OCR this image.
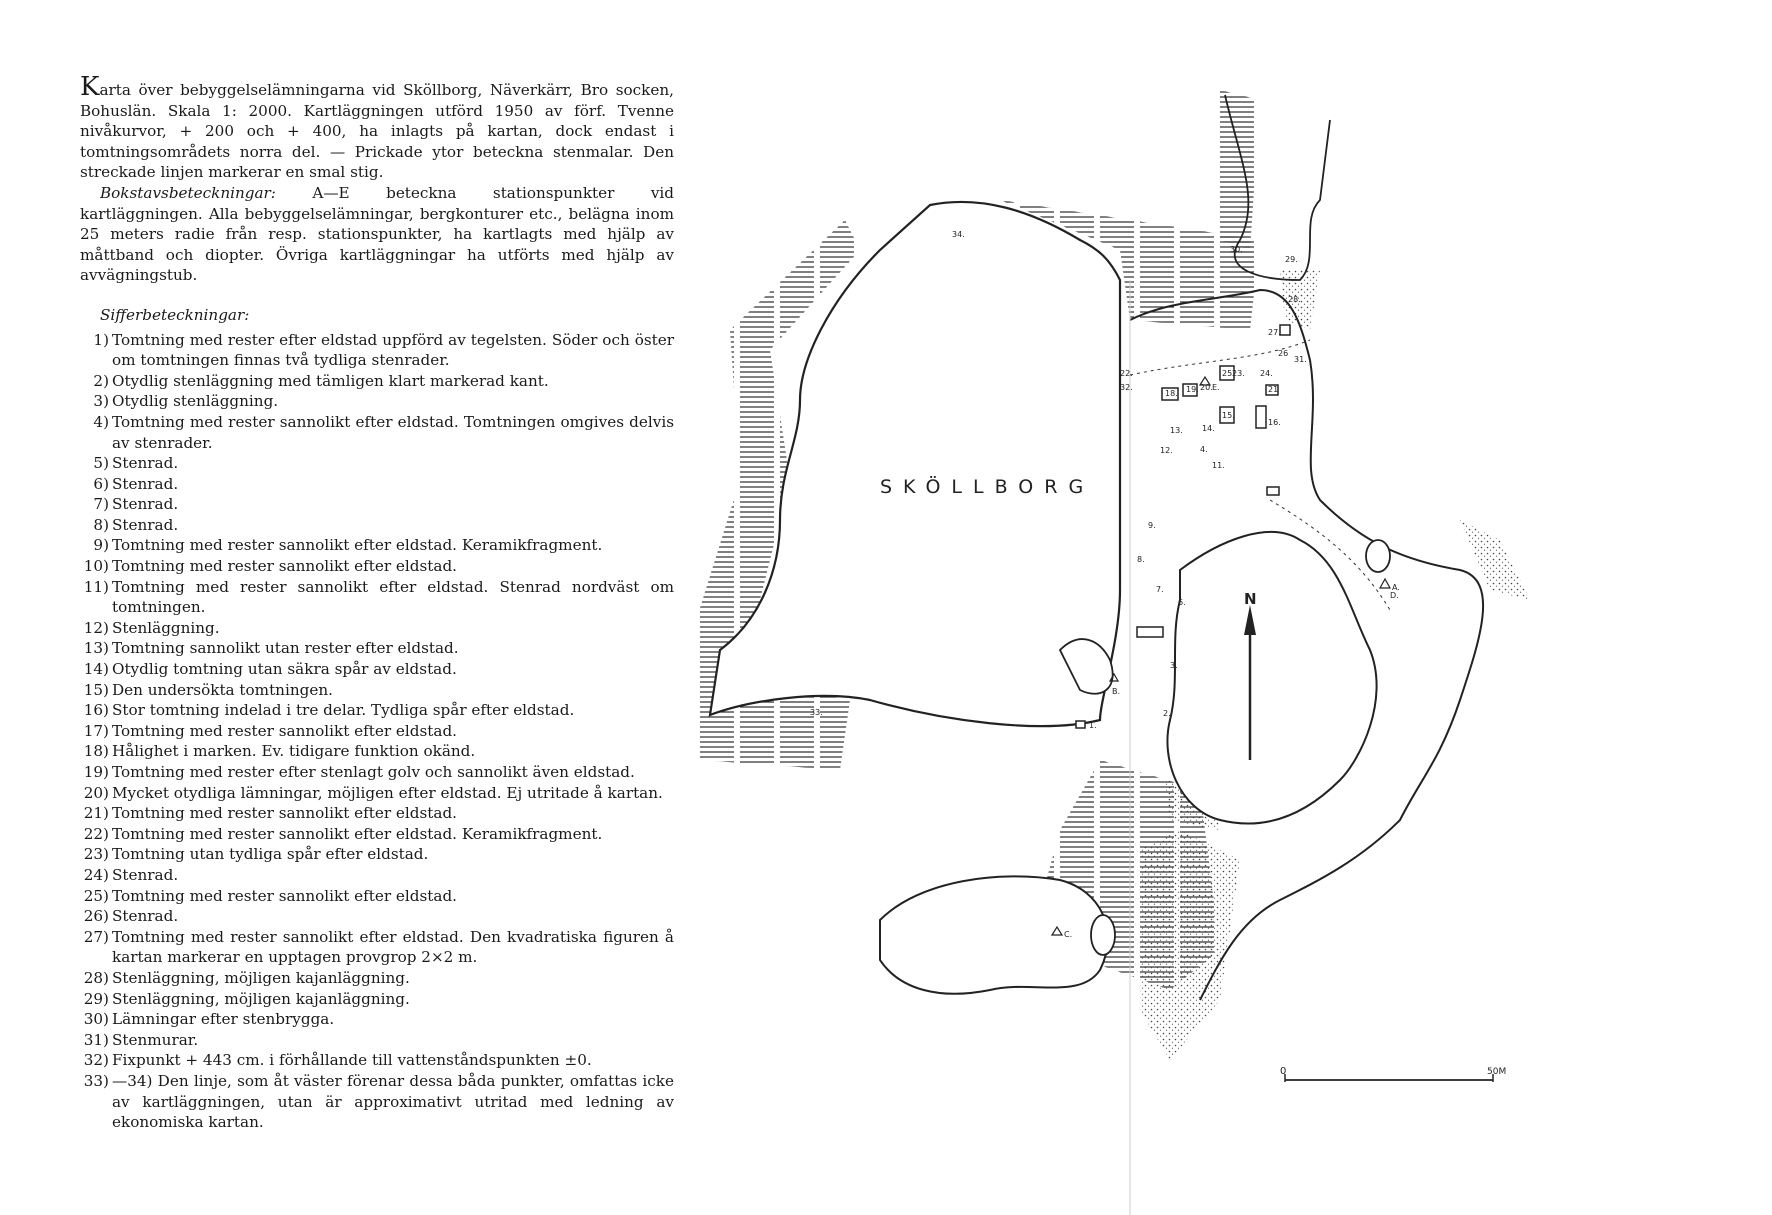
Karta över bebyggelselämningarna vid Sköllborg, Näverkärr, Bro socken, Bohuslän. Skala 1: 2000. Kartläggningen utförd 1950 av förf. Tvenne nivåkurvor, + 200 och + 400, ha inlagts på kartan, dock endast i tomtningsområdets norra del. — Prickade ytor beteckna stenmalar. Den streckade linjen markerar en smal stig.

Bokstavsbeteckningar: A—E beteckna stationspunkter vid kartläggningen. Alla bebyggelselämningar, bergkonturer etc., belägna inom 25 meters radie från resp. stationspunkter, ha kartlagts med hjälp av måttband och diopter. Övriga kartläggningar ha utförts med hjälp av avvägningstub.

Sifferbeteckningar:

1) Tomtning med rester efter eldstad uppförd av tegelsten. Söder och öster om tomtningen finnas två tydliga stenrader.
2) Otydlig stenläggning med tämligen klart markerad kant.
3) Otydlig stenläggning.
4) Tomtning med rester sannolikt efter eldstad. Tomtningen omgives delvis av stenrader.
5) Stenrad.
6) Stenrad.
7) Stenrad.
8) Stenrad.
9) Tomtning med rester sannolikt efter eldstad. Keramikfragment.
10) Tomtning med rester sannolikt efter eldstad.
11) Tomtning med rester sannolikt efter eldstad. Stenrad nordväst om tomtningen.
12) Stenläggning.
13) Tomtning sannolikt utan rester efter eldstad.
14) Otydlig tomtning utan säkra spår av eldstad.
15) Den undersökta tomtningen.
16) Stor tomtning indelad i tre delar. Tydliga spår efter eldstad.
17) Tomtning med rester sannolikt efter eldstad.
18) Hålighet i marken. Ev. tidigare funktion okänd.
19) Tomtning med rester efter stenlagt golv och sannolikt även eldstad.
20) Mycket otydliga lämningar, möjligen efter eldstad. Ej utritade å kartan.
21) Tomtning med rester sannolikt efter eldstad.
22) Tomtning med rester sannolikt efter eldstad. Keramikfragment.
23) Tomtning utan tydliga spår efter eldstad.
24) Stenrad.
25) Tomtning med rester sannolikt efter eldstad.
26) Stenrad.
27) Tomtning med rester sannolikt efter eldstad. Den kvadratiska figuren å kartan markerar en upptagen provgrop 2×2 m.
28) Stenläggning, möjligen kajanläggning.
29) Stenläggning, möjligen kajanläggning.
30) Lämningar efter stenbrygga.
31) Stenmurar.
32) Fixpunkt + 443 cm. i förhållande till vattenståndspunkten ±0.
33) —34) Den linje, som åt väster förenar dessa båda punkter, omfattas icke av kartläggningen, utan är approximativt utritad med ledning av ekonomiska kartan.
SKÖLLBORG
N
0	50M
1.
2.
3.
4.
6.
7.
8.
9.
11.
12.
13. 14.
15.
16.
18. 19. 20.	21
22.	23. 24.
25.
26
27.
28.
29.
30.
31.
32.
33.
34.
A.
B.
C.
D.
E.
